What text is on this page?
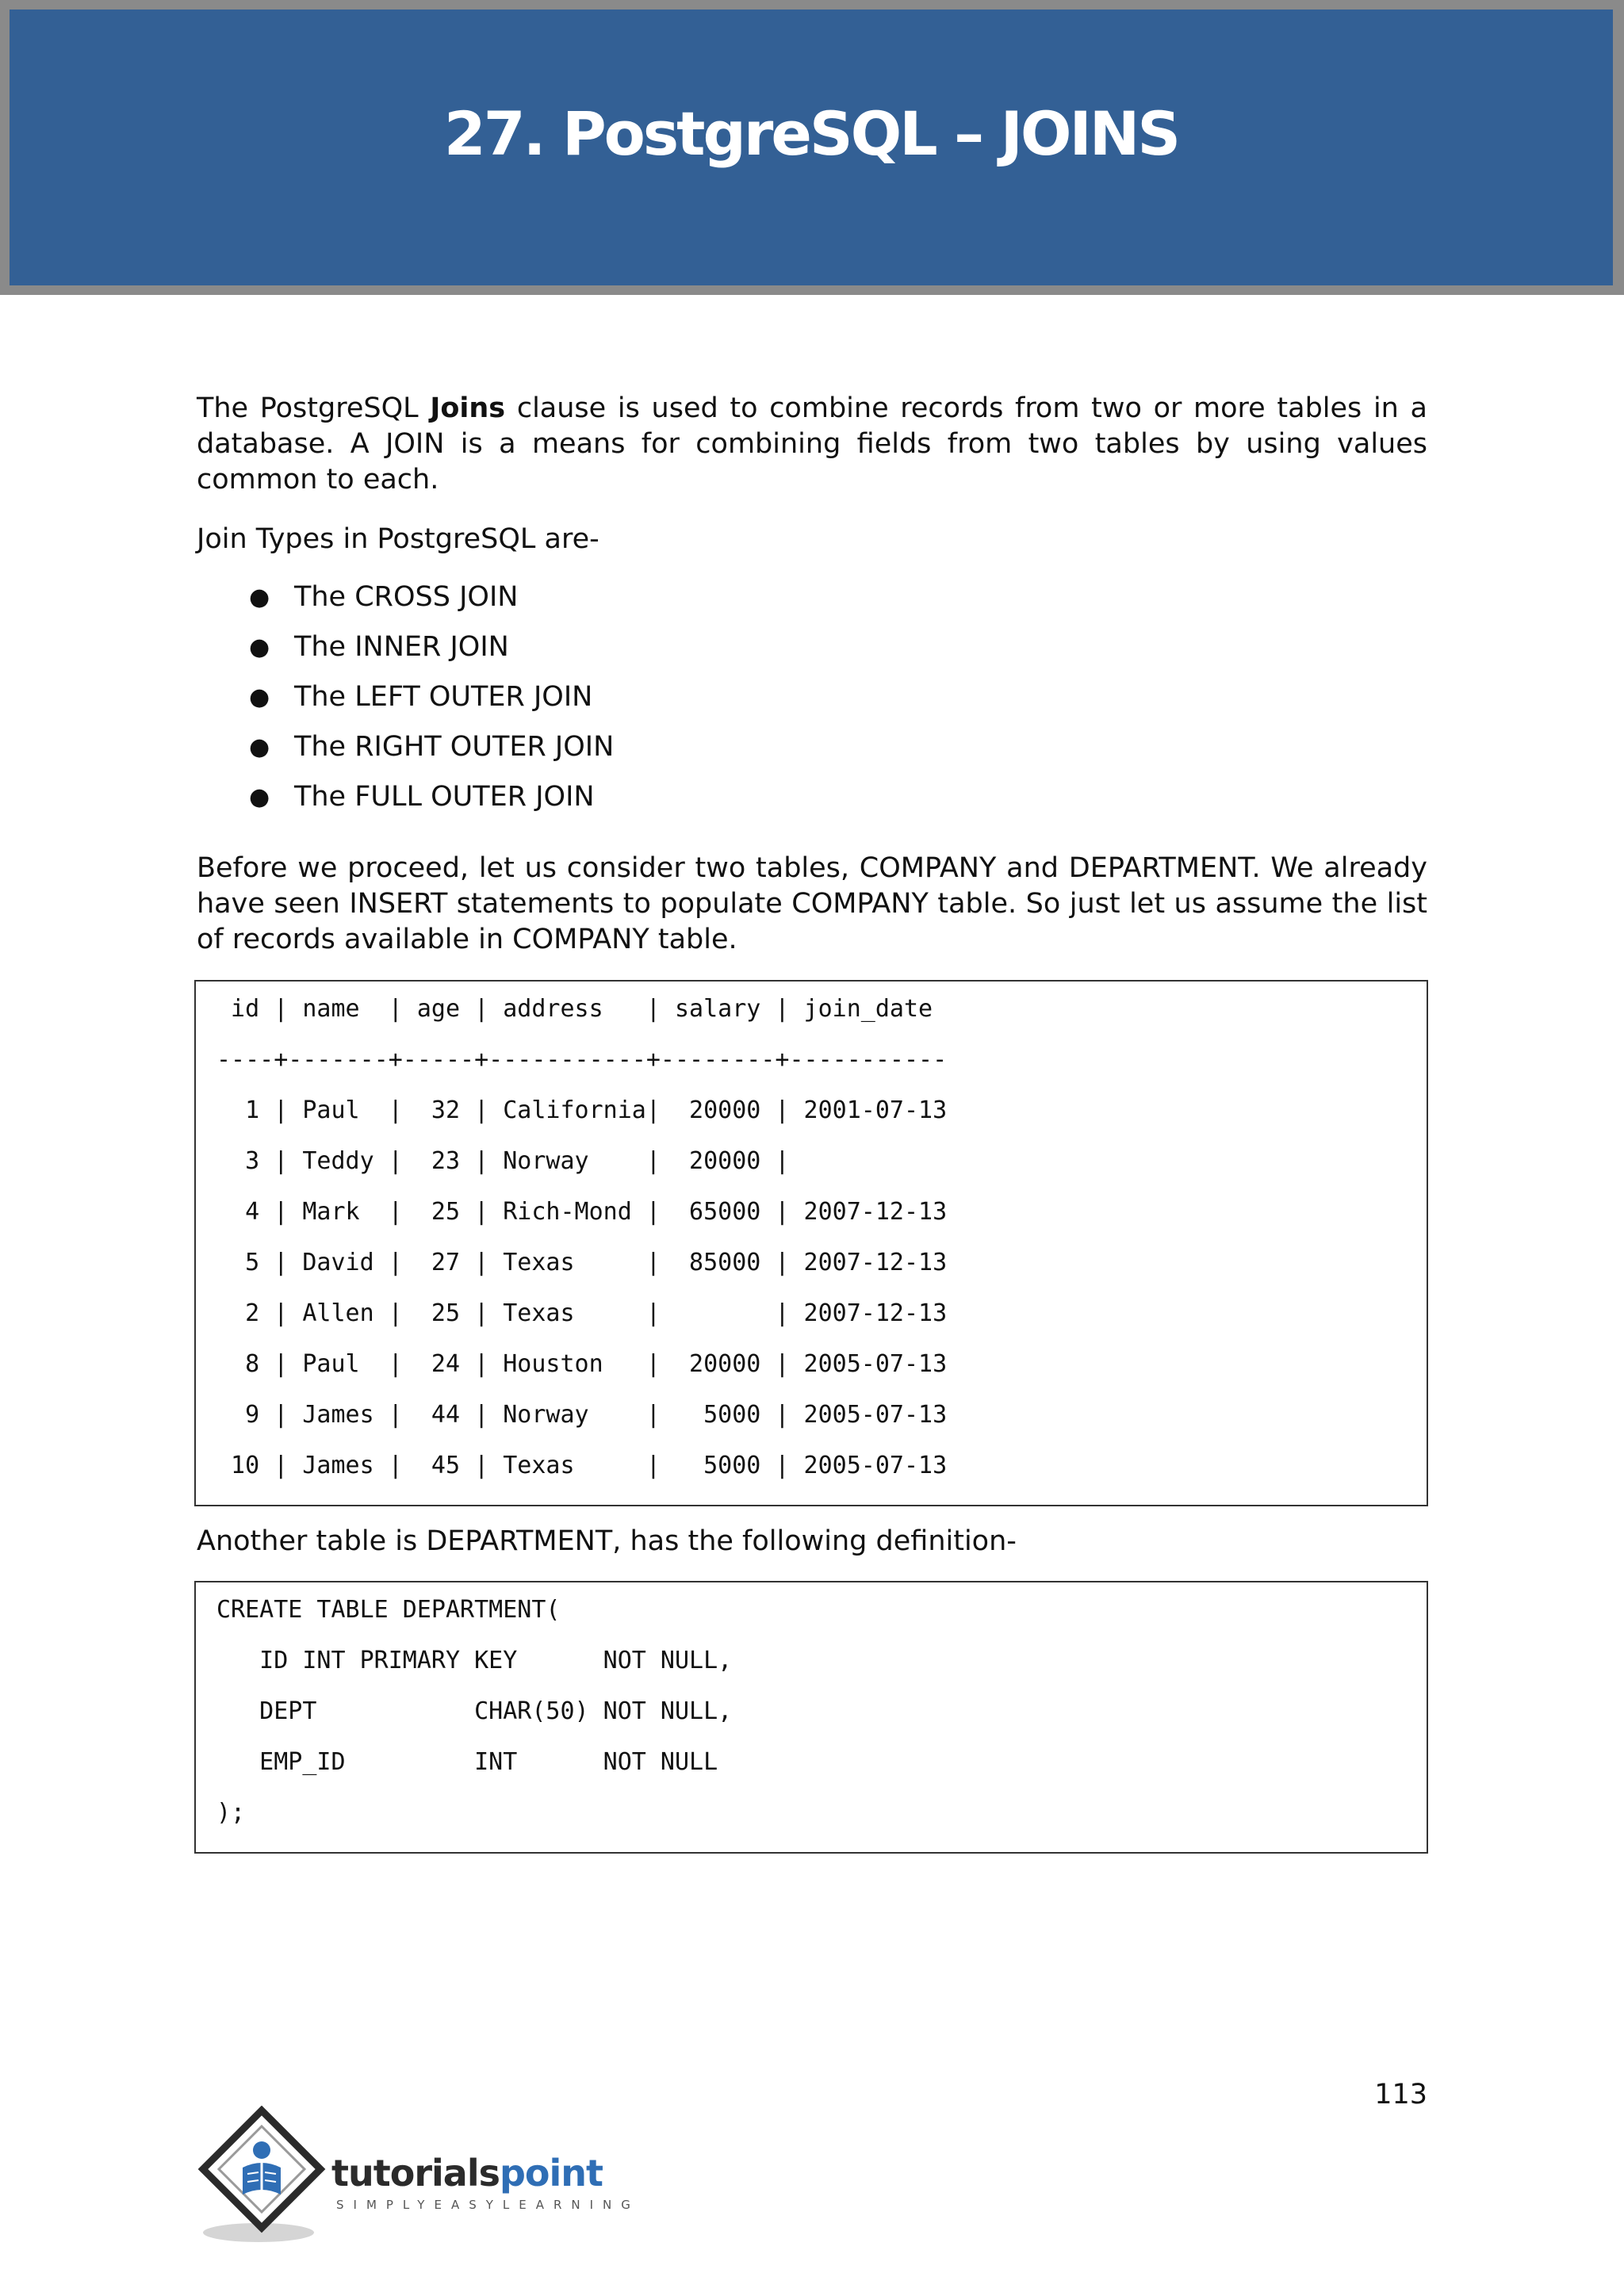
27. PostgreSQL – JOINS

The PostgreSQL Joins clause is used to combine records from two or more tables in a database. A JOIN is a means for combining fields from two tables by using values common to each.

Join Types in PostgreSQL are-

● The CROSS JOIN
● The INNER JOIN
● The LEFT OUTER JOIN
● The RIGHT OUTER JOIN
● The FULL OUTER JOIN

Before we proceed, let us consider two tables, COMPANY and DEPARTMENT. We already have seen INSERT statements to populate COMPANY table. So just let us assume the list of records available in COMPANY table.

id | name  | age | address   | salary | join_date
----+-------+-----+-----------+--------+-----------
1 | Paul  |  32 | California|  20000 | 2001-07-13
3 | Teddy |  23 | Norway    |  20000 |
4 | Mark  |  25 | Rich-Mond |  65000 | 2007-12-13
5 | David |  27 | Texas     |  85000 | 2007-12-13
2 | Allen |  25 | Texas     |        | 2007-12-13
8 | Paul  |  24 | Houston   |  20000 | 2005-07-13
9 | James |  44 | Norway    |   5000 | 2005-07-13
10 | James |  45 | Texas     |   5000 | 2005-07-13

Another table is DEPARTMENT, has the following definition-

CREATE TABLE DEPARTMENT(
ID INT PRIMARY KEY      NOT NULL,
DEPT           CHAR(50) NOT NULL,
EMP_ID         INT      NOT NULL
);

113

tutorialspoint

SIMPLYEASYLEARNING
